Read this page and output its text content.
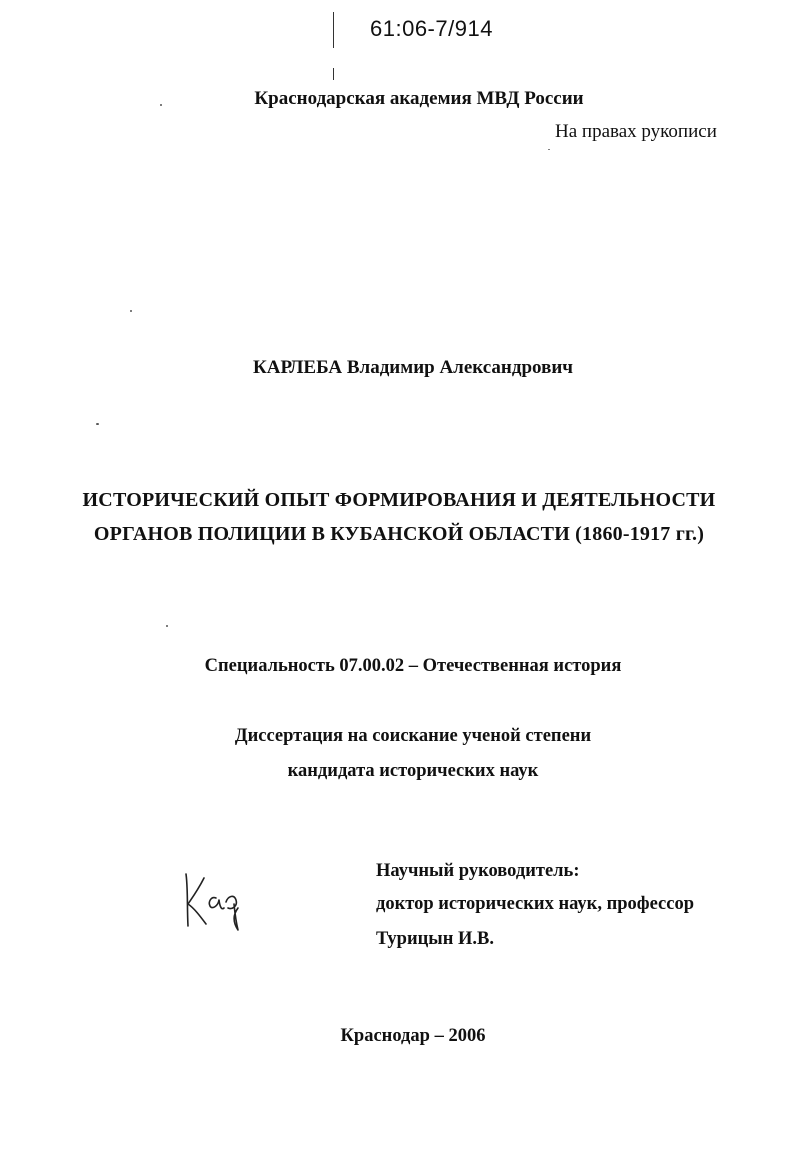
61:06-7/914
Краснодарская академия МВД России
На правах рукописи
КАРЛЕБА Владимир Александрович
ИСТОРИЧЕСКИЙ ОПЫТ ФОРМИРОВАНИЯ И ДЕЯТЕЛЬНОСТИ
ОРГАНОВ ПОЛИЦИИ В КУБАНСКОЙ ОБЛАСТИ (1860-1917 гг.)
Специальность 07.00.02 – Отечественная история
Диссертация на соискание ученой степени
кандидата исторических наук
Научный руководитель:
доктор исторических наук, профессор
Турицын И.В.
Краснодар – 2006
